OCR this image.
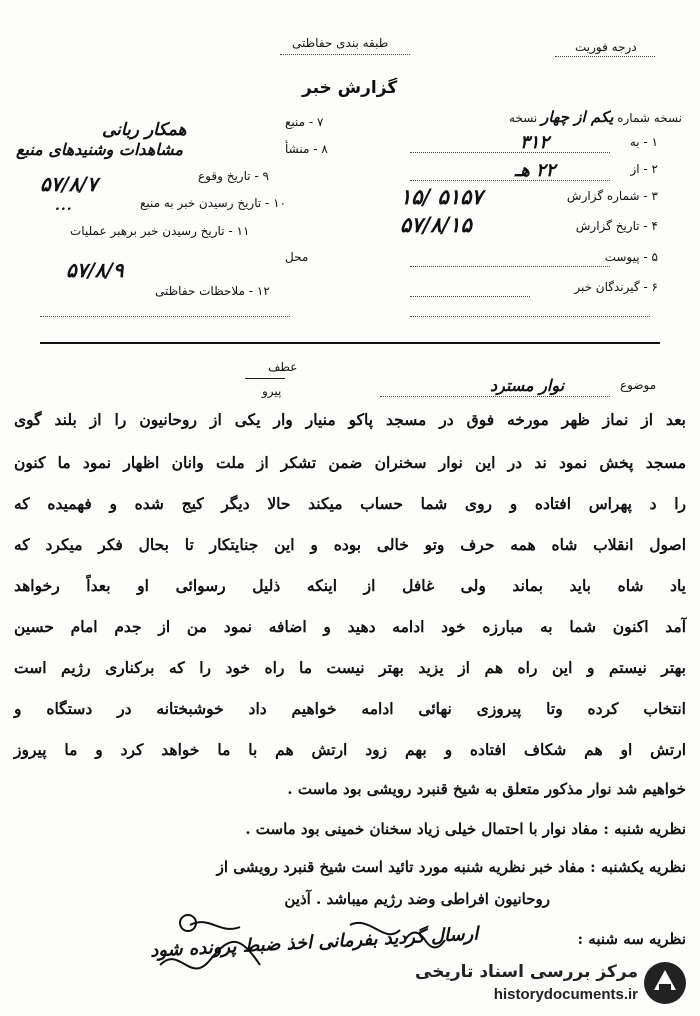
طبقه بندی حفاظتی	درجه فوریت
گزارش خبر
نسخه شماره یکم از چهار نسخه
۱ - به
۳۱۲
۲ - از
۲۲ هـ
۳ - شماره گزارش
۱۵/ ۵۱۵۷
۴ - تاریخ گزارش
۵۷/۸/۱۵
۵ - پیوست
۶ - گیرندگان خبر
۷ - منبع
همکار ربانی
۸ - منشأ
مشاهدات وشنیدهای منبع
۹ - تاریخ وقوع
۵۷/۸/۷
۱۰ - تاریخ رسیدن خبر به منبع
...
۱۱ - تاریخ رسیدن خبر برهبر عملیات
محل
۵۷/۸/۹
۱۲ - ملاحظات حفاظتی
موضوع
نوار مسترد
عطف
پیرو
بعد از نماز ظهر مورخه فوق در مسجد پاکو منیار وار یکی از روحانیون را از بلند گوی
مسجد پخش نمود ند در این نوار سخنران ضمن تشکر از ملت وانان اظهار نمود ما کنون
را د پهراس افتاده و روی شما حساب میکند حالا دیگر کیج شده و فهمیده که
اصول انقلاب شاه همه حرف وتو خالی بوده و این جنایتکار تا بحال فکر میکرد که
یاد شاه باید بماند ولی غافل از اینکه ذلیل رسوائی او بعداً رخواهد
آمد اکنون شما به مبارزه خود ادامه دهید و اضافه نمود من از جدم امام حسین
بهتر نیستم و این راه هم از یزید بهتر نیست ما راه خود را که برکناری رژیم است
انتخاب کرده وتا پیروزی نهائی ادامه خواهیم داد خوشبختانه در دستگاه و
ارتش او هم شکاف افتاده و بهم زود ارتش هم با ما خواهد کرد و ما پیروز
خواهیم شد نوار مذکور متعلق به شیخ قنبرد رویشی بود ماست .
نظریه شنبه : مفاد نوار با احتمال خیلی زیاد سخنان خمینی بود ماست .
نظریه یکشنبه : مفاد خبر نظریه شنبه مورد تائید است شیخ قنبرد رویشی از
روحانیون افراطی وضد رژیم میباشد . آذین
نظریه سه شنبه :
ارسال گردید بفرمانی اخذ ضبط پرونده شود
مرکز بررسی اسناد تاریخی
historydocuments.ir
